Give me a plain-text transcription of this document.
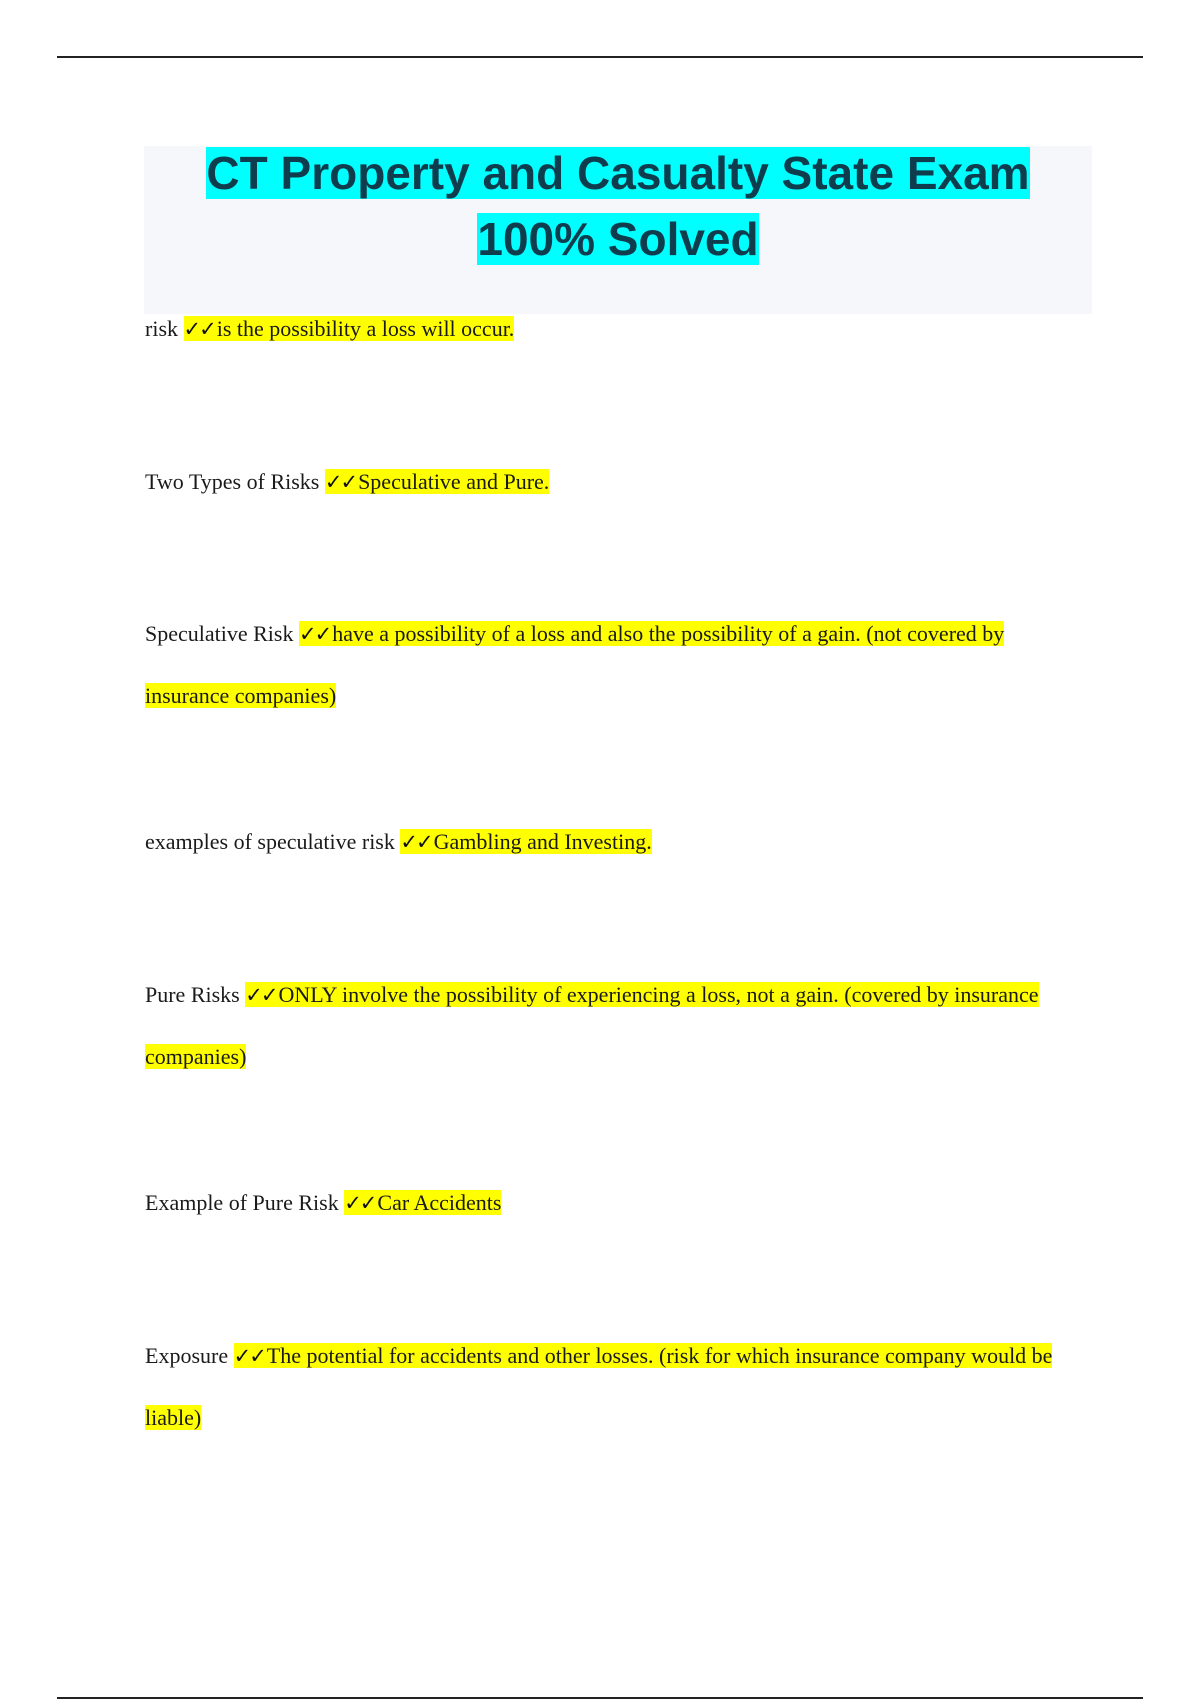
CT Property and Casualty State Exam 100% Solved
risk ✓✓is the possibility a loss will occur.
Two Types of Risks ✓✓Speculative and Pure.
Speculative Risk ✓✓have a possibility of a loss and also the possibility of a gain. (not covered by insurance companies)
examples of speculative risk ✓✓Gambling and Investing.
Pure Risks ✓✓ONLY involve the possibility of experiencing a loss, not a gain. (covered by insurance companies)
Example of Pure Risk ✓✓Car Accidents
Exposure ✓✓The potential for accidents and other losses. (risk for which insurance company would be liable)
